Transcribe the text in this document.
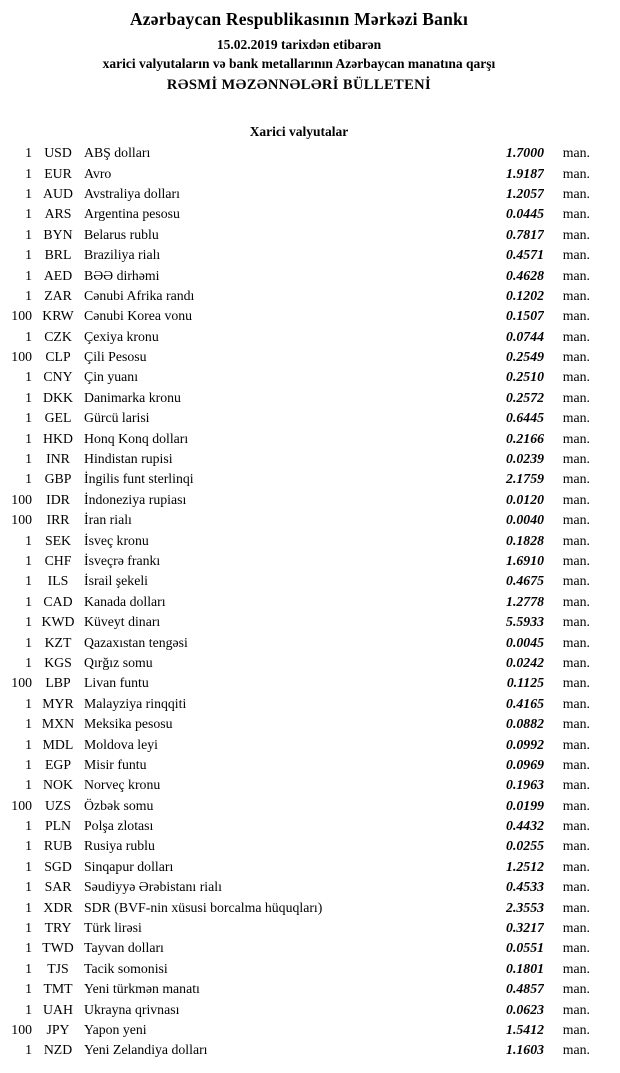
Azərbaycan Respublikasının Mərkəzi Bankı
15.02.2019 tarixdən etibarən
xarici valyutaların və bank metallarının Azərbaycan manatına qarşı
RƏSMİ MƏZƏNNƏLƏRİ BÜLLETENİ
Xarici valyutalar
1	USD	ABŞ dolları	1.7000	man.
1	EUR	Avro	1.9187	man.
1	AUD	Avstraliya dolları	1.2057	man.
1	ARS	Argentina pesosu	0.0445	man.
1	BYN	Belarus rublu	0.7817	man.
1	BRL	Braziliya rialı	0.4571	man.
1	AED	BƏƏ dirhəmi	0.4628	man.
1	ZAR	Cənubi Afrika randı	0.1202	man.
100	KRW	Cənubi Korea vonu	0.1507	man.
1	CZK	Çexiya kronu	0.0744	man.
100	CLP	Çili Pesosu	0.2549	man.
1	CNY	Çin yuanı	0.2510	man.
1	DKK	Danimarka kronu	0.2572	man.
1	GEL	Gürcü larisi	0.6445	man.
1	HKD	Honq Konq dolları	0.2166	man.
1	INR	Hindistan rupisi	0.0239	man.
1	GBP	İngilis funt sterlinqi	2.1759	man.
100	IDR	İndoneziya rupiası	0.0120	man.
100	IRR	İran rialı	0.0040	man.
1	SEK	İsveç kronu	0.1828	man.
1	CHF	İsveçrə frankı	1.6910	man.
1	ILS	İsrail şekeli	0.4675	man.
1	CAD	Kanada dolları	1.2778	man.
1	KWD	Küveyt dinarı	5.5933	man.
1	KZT	Qazaxıstan tengəsi	0.0045	man.
1	KGS	Qırğız somu	0.0242	man.
100	LBP	Livan funtu	0.1125	man.
1	MYR	Malayziya rinqqiti	0.4165	man.
1	MXN	Meksika pesosu	0.0882	man.
1	MDL	Moldova leyi	0.0992	man.
1	EGP	Misir funtu	0.0969	man.
1	NOK	Norveç kronu	0.1963	man.
100	UZS	Özbək somu	0.0199	man.
1	PLN	Polşa zlotası	0.4432	man.
1	RUB	Rusiya rublu	0.0255	man.
1	SGD	Sinqapur dolları	1.2512	man.
1	SAR	Səudiyyə Ərəbistanı rialı	0.4533	man.
1	XDR	SDR (BVF-nin xüsusi borcalma hüquqları)	2.3553	man.
1	TRY	Türk lirəsi	0.3217	man.
1	TWD	Tayvan dolları	0.0551	man.
1	TJS	Tacik somonisi	0.1801	man.
1	TMT	Yeni türkmən manatı	0.4857	man.
1	UAH	Ukrayna qrivnası	0.0623	man.
100	JPY	Yapon yeni	1.5412	man.
1	NZD	Yeni Zelandiya dolları	1.1603	man.
